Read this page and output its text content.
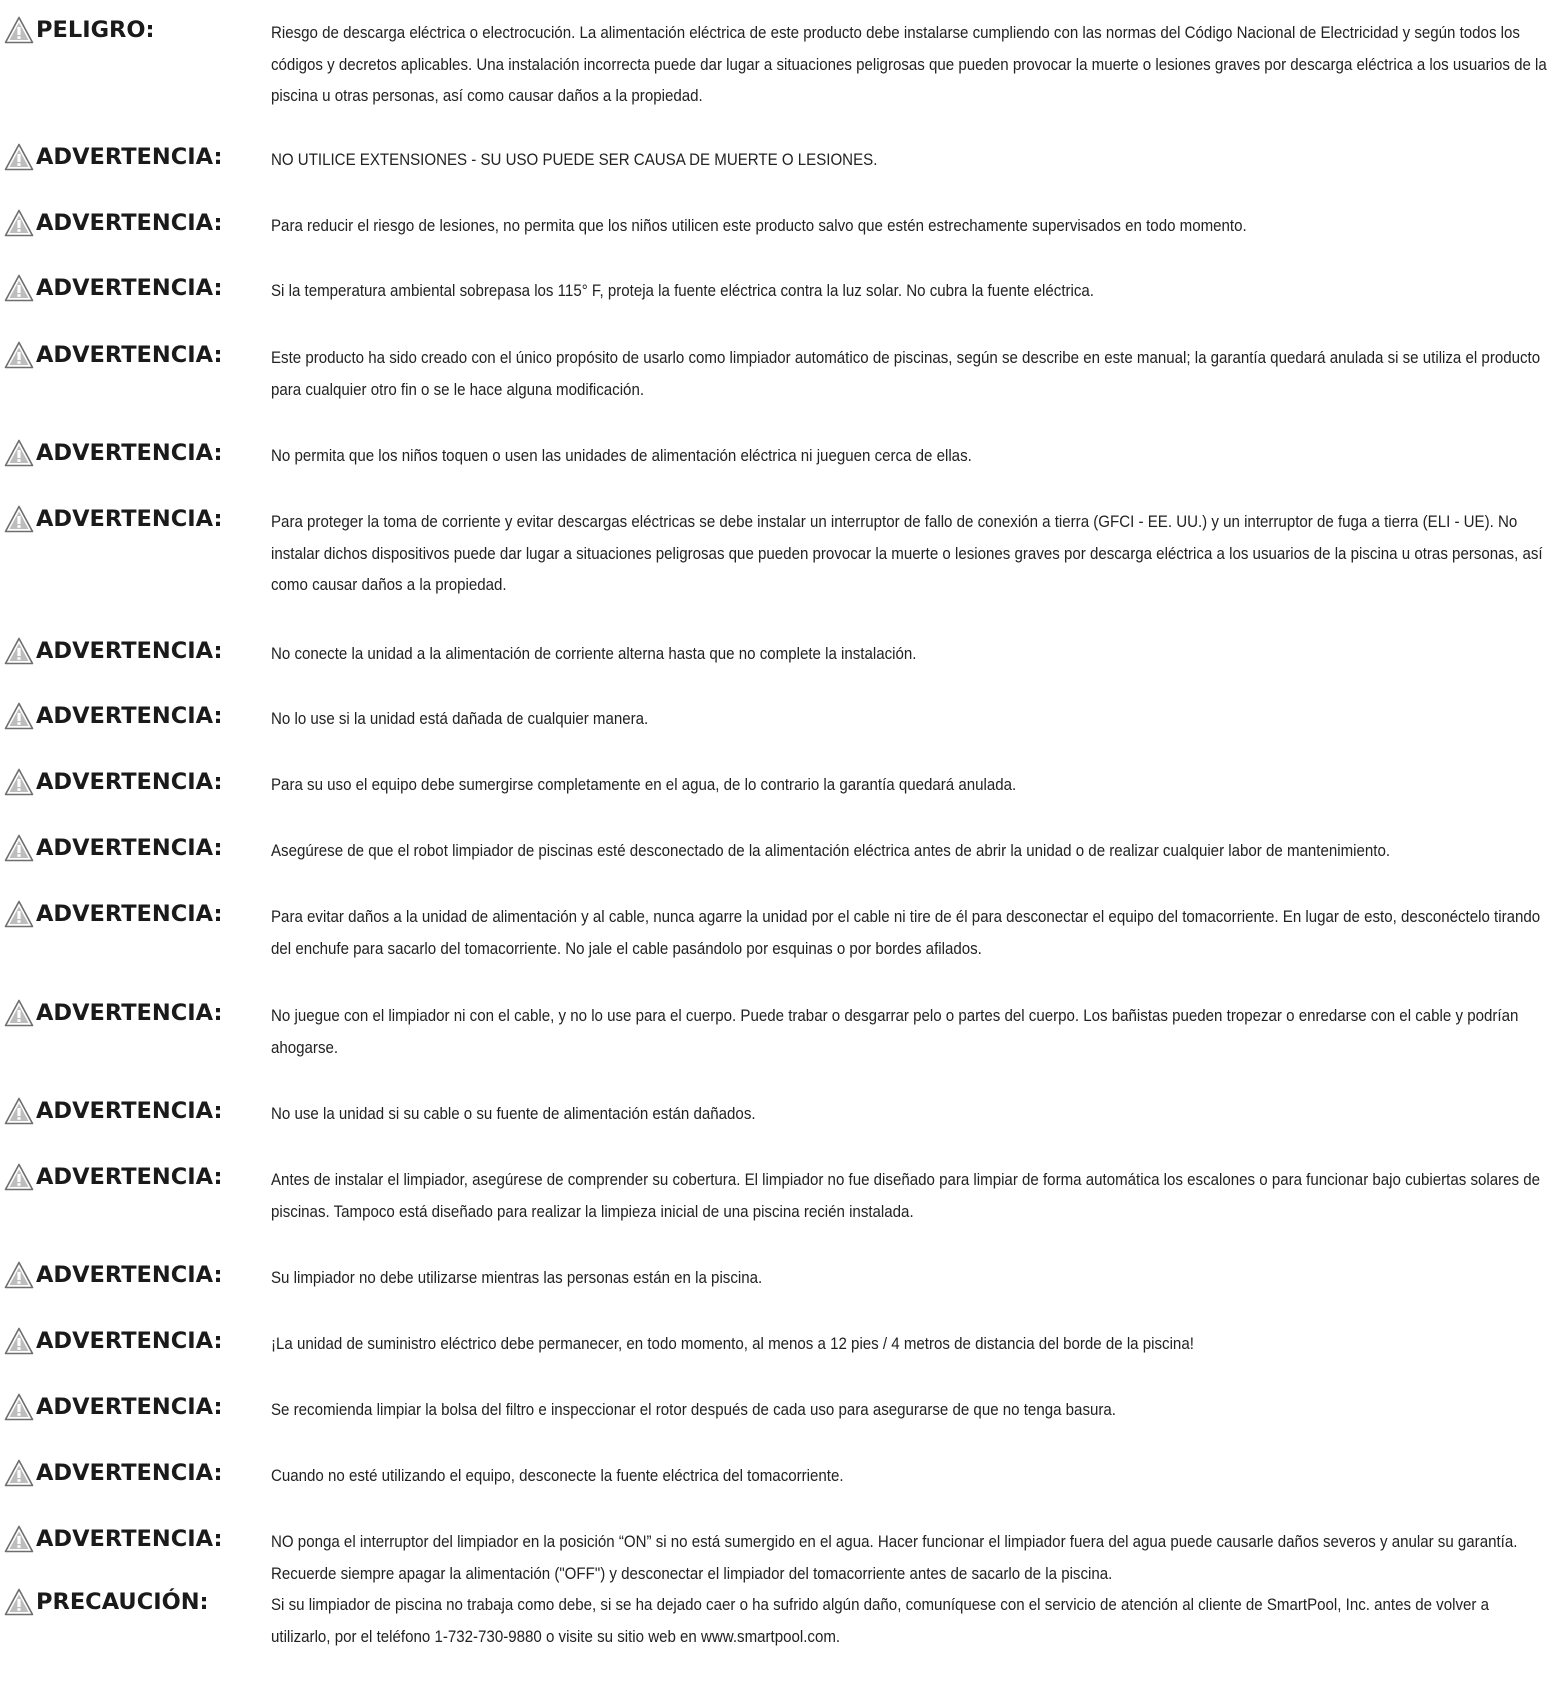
PELIGRO:	Riesgo de descarga eléctrica o electrocución. La alimentación eléctrica de este producto debe instalarse cumpliendo con las normas del Código Nacional de Electricidad y según todos los códigos y decretos aplicables. Una instalación incorrecta puede dar lugar a situaciones peligrosas que pueden provocar la muerte o lesiones graves por descarga eléctrica a los usuarios de la piscina u otras personas, así como causar daños a la propiedad.
ADVERTENCIA:	NO UTILICE EXTENSIONES - SU USO PUEDE SER CAUSA DE MUERTE O LESIONES.
ADVERTENCIA:	Para reducir el riesgo de lesiones, no permita que los niños utilicen este producto salvo que estén estrechamente supervisados en todo momento.
ADVERTENCIA:	Si la temperatura ambiental sobrepasa los 115° F, proteja la fuente eléctrica contra la luz solar. No cubra la fuente eléctrica.
ADVERTENCIA:	Este producto ha sido creado con el único propósito de usarlo como limpiador automático de piscinas, según se describe en este manual; la garantía quedará anulada si se utiliza el producto para cualquier otro fin o se le hace alguna modificación.
ADVERTENCIA:	No permita que los niños toquen o usen las unidades de alimentación eléctrica ni jueguen cerca de ellas.
ADVERTENCIA:	Para proteger la toma de corriente y evitar descargas eléctricas se debe instalar un interruptor de fallo de conexión a tierra (GFCI - EE. UU.) y un interruptor de fuga a tierra (ELI - UE). No instalar dichos dispositivos puede dar lugar a situaciones peligrosas que pueden provocar la muerte o lesiones graves por descarga eléctrica a los usuarios de la piscina u otras personas, así como causar daños a la propiedad.
ADVERTENCIA:	No conecte la unidad a la alimentación de corriente alterna hasta que no complete la instalación.
ADVERTENCIA:	No lo use si la unidad está dañada de cualquier manera.
ADVERTENCIA:	Para su uso el equipo debe sumergirse completamente en el agua, de lo contrario la garantía quedará anulada.
ADVERTENCIA:	Asegúrese de que el robot limpiador de piscinas esté desconectado de la alimentación eléctrica antes de abrir la unidad o de realizar cualquier labor de mantenimiento.
ADVERTENCIA:	Para evitar daños a la unidad de alimentación y al cable, nunca agarre la unidad por el cable ni tire de él para desconectar el equipo del tomacorriente. En lugar de esto, desconéctelo tirando del enchufe para sacarlo del tomacorriente. No jale el cable pasándolo por esquinas o por bordes afilados.
ADVERTENCIA:	No juegue con el limpiador ni con el cable, y no lo use para el cuerpo. Puede trabar o desgarrar pelo o partes del cuerpo. Los bañistas pueden tropezar o enredarse con el cable y podrían ahogarse.
ADVERTENCIA:	No use la unidad si su cable o su fuente de alimentación están dañados.
ADVERTENCIA:	Antes de instalar el limpiador, asegúrese de comprender su cobertura. El limpiador no fue diseñado para limpiar de forma automática los escalones o para funcionar bajo cubiertas solares de piscinas. Tampoco está diseñado para realizar la limpieza inicial de una piscina recién instalada.
ADVERTENCIA:	Su limpiador no debe utilizarse mientras las personas están en la piscina.
ADVERTENCIA:	¡La unidad de suministro eléctrico debe permanecer, en todo momento, al menos a 12 pies / 4 metros de distancia del borde de la piscina!
ADVERTENCIA:	Se recomienda limpiar la bolsa del filtro e inspeccionar el rotor después de cada uso para asegurarse de que no tenga basura.
ADVERTENCIA:	Cuando no esté utilizando el equipo, desconecte la fuente eléctrica del tomacorriente.
ADVERTENCIA:	NO ponga el interruptor del limpiador en la posición “ON” si no está sumergido en el agua. Hacer funcionar el limpiador fuera del agua puede causarle daños severos y anular su garantía. Recuerde siempre apagar la alimentación ("OFF") y desconectar el limpiador del tomacorriente antes de sacarlo de la piscina.
PRECAUCIÓN:	Si su limpiador de piscina no trabaja como debe, si se ha dejado caer o ha sufrido algún daño, comuníquese con el servicio de atención al cliente de SmartPool, Inc. antes de volver a utilizarlo, por el teléfono 1-732-730-9880 o visite su sitio web en www.smartpool.com.
